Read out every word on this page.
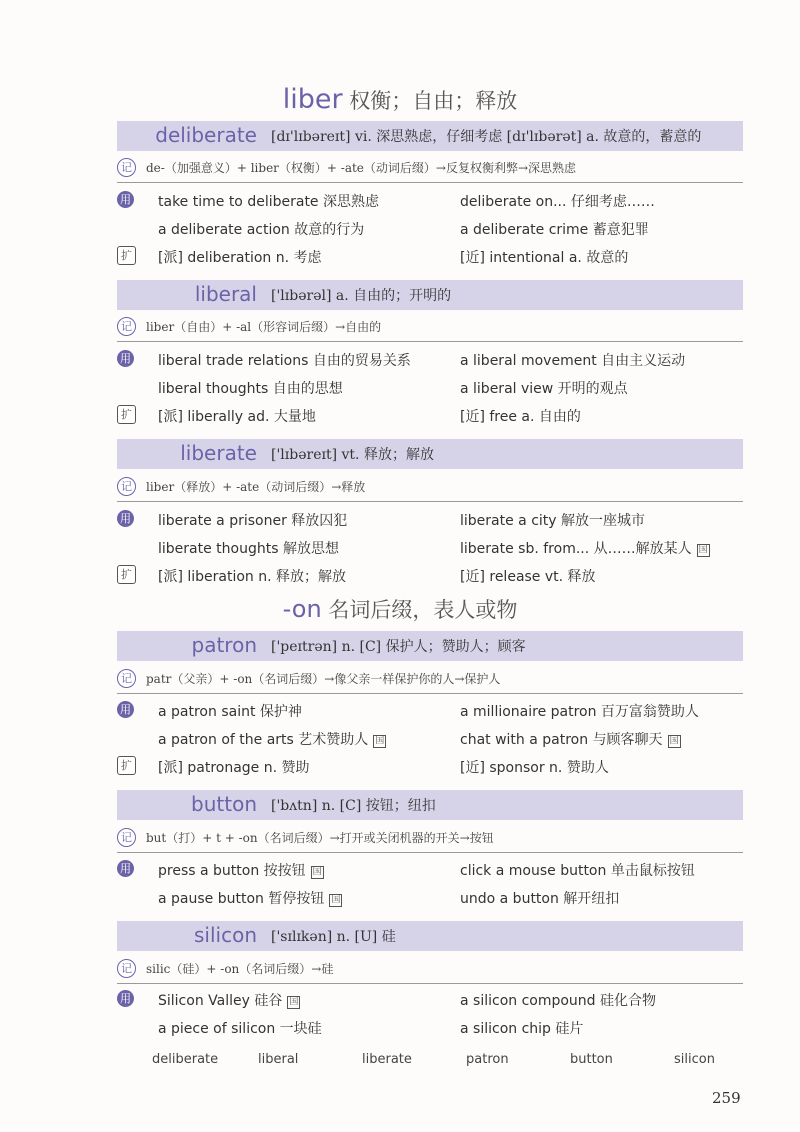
liber 权衡；自由；释放
deliberate [dɪ'lɪbəreɪt] vi. 深思熟虑，仔细考虑 [dɪ'lɪbərət] a. 故意的，蓄意的
记	de-（加强意义）+ liber（权衡）+ -ate（动词后缀）→反复权衡利弊→深思熟虑
用 take time to deliberate 深思熟虑	deliberate on... 仔细考虑……
a deliberate action 故意的行为	a deliberate crime 蓄意犯罪
扩 [派] deliberation n. 考虑	[近] intentional a. 故意的
liberal ['lɪbərəl] a. 自由的；开明的
记	liber（自由）+ -al（形容词后缀）→自由的
用 liberal trade relations 自由的贸易关系	a liberal movement 自由主义运动
liberal thoughts 自由的思想	a liberal view 开明的观点
扩 [派] liberally ad. 大量地	[近] free a. 自由的
liberate ['lɪbəreɪt] vt. 释放；解放
记	liber（释放）+ -ate（动词后缀）→释放
用 liberate a prisoner 释放囚犯	liberate a city 解放一座城市
liberate thoughts 解放思想	liberate sb. from... 从……解放某人 国
扩 [派] liberation n. 释放；解放	[近] release vt. 释放
-on 名词后缀，表人或物
patron ['peɪtrən] n. [C] 保护人；赞助人；顾客
记	patr（父亲）+ -on（名词后缀）→像父亲一样保护你的人→保护人
用 a patron saint 保护神	a millionaire patron 百万富翁赞助人
a patron of the arts 艺术赞助人 国	chat with a patron 与顾客聊天 国
扩 [派] patronage n. 赞助	[近] sponsor n. 赞助人
button ['bʌtn] n. [C] 按钮；纽扣
记	but（打）+ t + -on（名词后缀）→打开或关闭机器的开关→按钮
用 press a button 按按钮 国	click a mouse button 单击鼠标按钮
a pause button 暂停按钮 国	undo a button 解开纽扣
silicon ['sɪlɪkən] n. [U] 硅
记	silic（硅）+ -on（名词后缀）→硅
用 Silicon Valley 硅谷 国	a silicon compound 硅化合物
a piece of silicon 一块硅	a silicon chip 硅片
deliberate	liberal	liberate	patron	button	silicon
259
